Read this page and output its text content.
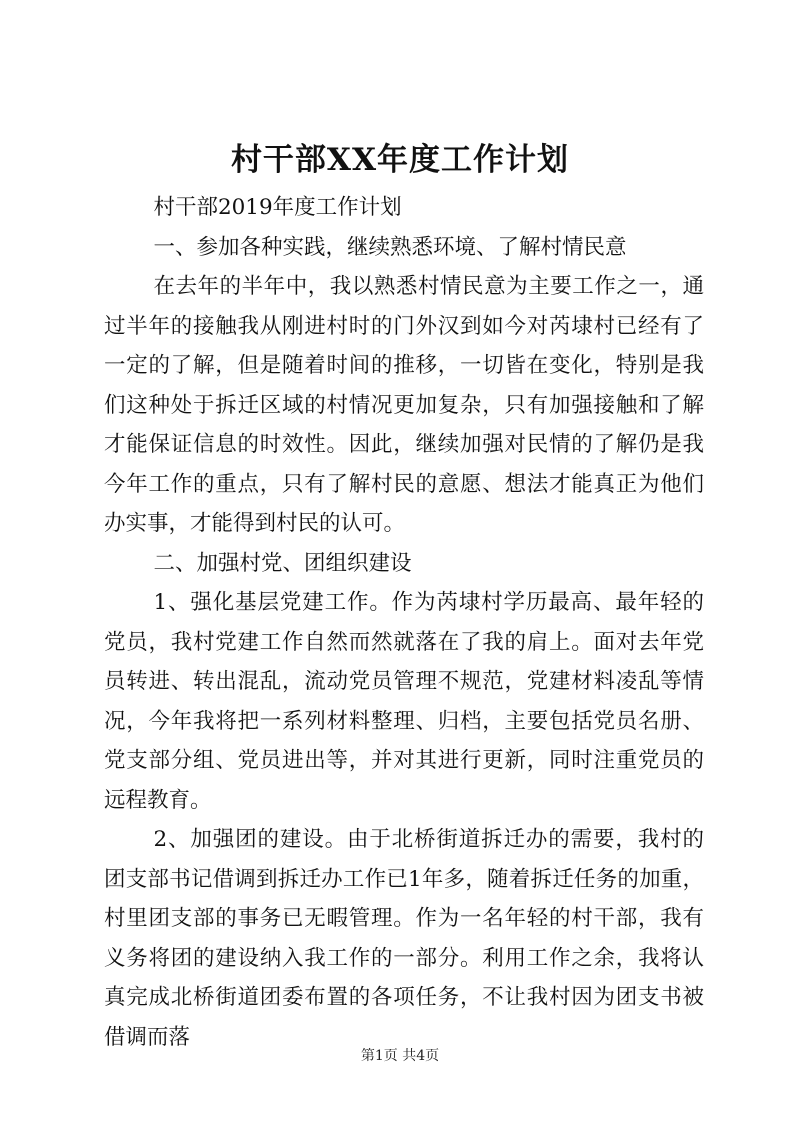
村干部XX年度工作计划

村干部2019年度工作计划

一、参加各种实践，继续熟悉环境、了解村情民意

在去年的半年中，我以熟悉村情民意为主要工作之一，通过半年的接触我从刚进村时的门外汉到如今对芮埭村已经有了一定的了解，但是随着时间的推移，一切皆在变化，特别是我们这种处于拆迁区域的村情况更加复杂，只有加强接触和了解才能保证信息的时效性。因此，继续加强对民情的了解仍是我今年工作的重点，只有了解村民的意愿、想法才能真正为他们办实事，才能得到村民的认可。

二、加强村党、团组织建设

1、强化基层党建工作。作为芮埭村学历最高、最年轻的党员，我村党建工作自然而然就落在了我的肩上。面对去年党员转进、转出混乱，流动党员管理不规范，党建材料凌乱等情况，今年我将把一系列材料整理、归档，主要包括党员名册、党支部分组、党员进出等，并对其进行更新，同时注重党员的远程教育。

2、加强团的建设。由于北桥街道拆迁办的需要，我村的团支部书记借调到拆迁办工作已1年多，随着拆迁任务的加重，村里团支部的事务已无暇管理。作为一名年轻的村干部，我有义务将团的建设纳入我工作的一部分。利用工作之余，我将认真完成北桥街道团委布置的各项任务，不让我村因为团支书被借调而落

第1页 共4页
